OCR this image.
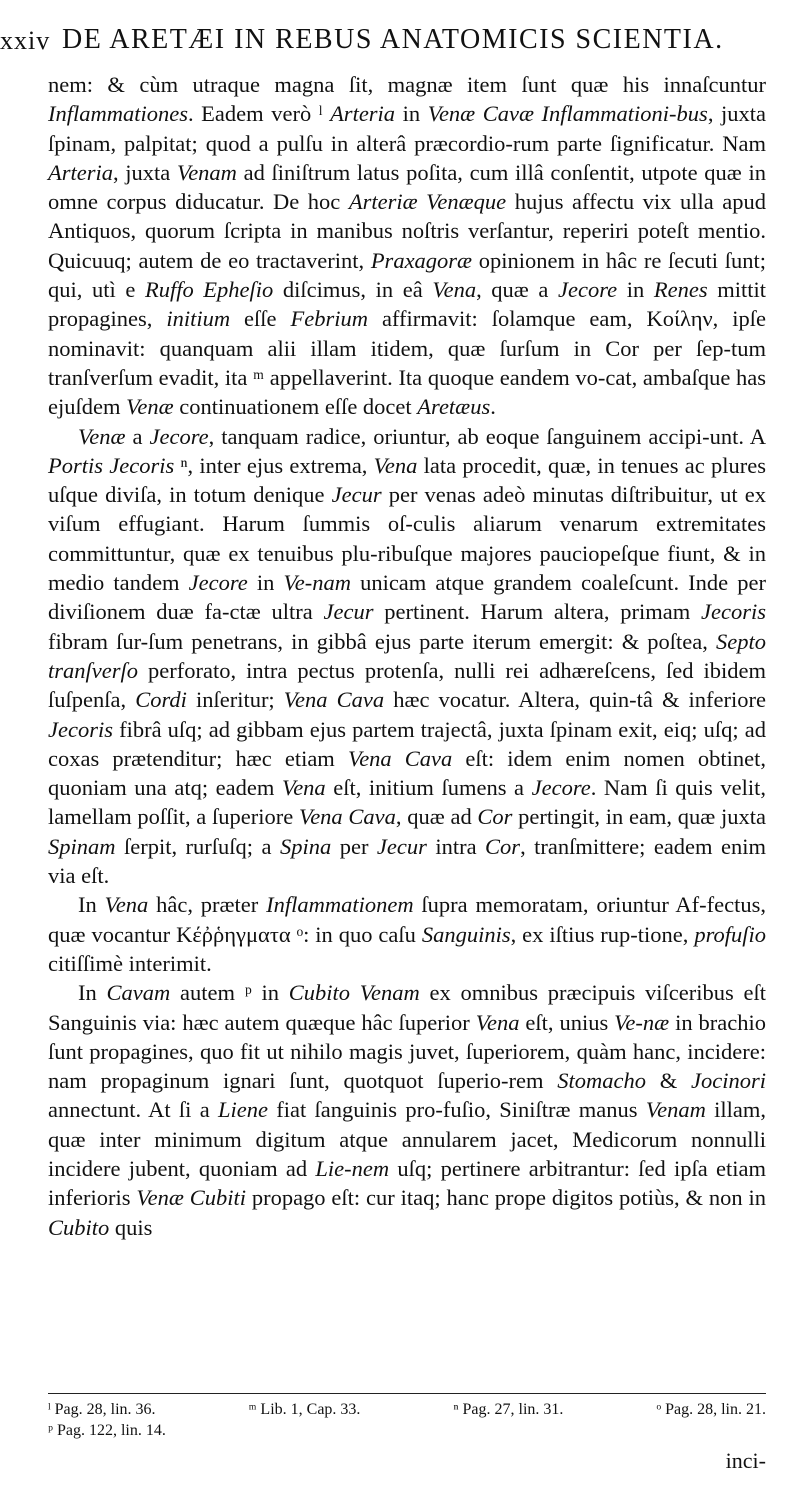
xxiv DE ARETÆI IN REBUS ANATOMICIS SCIENTIA.

nem: & cùm utraque magna ſit, magnæ item ſunt quæ his innaſcuntur Inflammationes. Eadem verò ˡ Arteria in Venæ Cavæ Inflammationi-bus, juxta ſpinam, palpitat; quod a pulſu in alterâ præcordio-rum parte ſignificatur. Nam Arteria, juxta Venam ad ſiniſtrum latus poſita, cum illâ conſentit, utpote quæ in omne corpus diducatur. De hoc Arteriæ Venæque hujus affectu vix ulla apud Antiquos, quorum ſcripta in manibus noſtris verſantur, reperiri poteſt mentio. Quicuuq; autem de eo tractaverint, Praxagoræ opinionem in hâc re ſecuti ſunt; qui, utì e Ruffo Epheſio diſcimus, in eâ Vena, quæ a Jecore in Renes mittit propagines, initium eſſe Febrium affirmavit: ſolamque eam, Κοίλην, ipſe nominavit: quanquam alii illam itidem, quæ ſurſum in Cor per ſep-tum tranſverſum evadit, ita ᵐ appellaverint. Ita quoque eandem vo-cat, ambaſque has ejuſdem Venæ continuationem eſſe docet Aretæus.

Venæ a Jecore, tanquam radice, oriuntur, ab eoque ſanguinem accipi-unt. A Portis Jecoris ⁿ, inter ejus extrema, Vena lata procedit, quæ, in tenues ac plures uſque diviſa, in totum denique Jecur per venas adeò minutas diſtribuitur, ut ex viſum effugiant. Harum ſummis oſ-culis aliarum venarum extremitates committuntur, quæ ex tenuibus plu-ribuſque majores pauciореſque fiunt, & in medio tandem Jecore in Ve-nam unicam atque grandem coaleſcunt. Inde per diviſionem duæ fa-ctæ ultra Jecur pertinent. Harum altera, primam Jecoris fibram ſur-ſum penetrans, in gibbâ ejus parte iterum emergit: & poſtea, Septo tranſverſo perforato, intra pectus protenſa, nulli rei adhæreſcens, ſed ibidem ſuſpenſa, Cordi inſeritur; Vena Cava hæc vocatur. Altera, quin-tâ & inferiore Jecoris fibrâ uſq; ad gibbam ejus partem trajectâ, juxta ſpinam exit, eiq; uſq; ad coxas prætenditur; hæc etiam Vena Cava eſt: idem enim nomen obtinet, quoniam una atq; eadem Vena eſt, initium ſumens a Jecore. Nam ſi quis velit, lamellam poſſit, a ſuperiore Vena Cava, quæ ad Cor pertingit, in eam, quæ juxta Spinam ſerpit, rurſuſq; a Spina per Jecur intra Cor, tranſmittere; eadem enim via eſt.

In Vena hâc, præter Inflammationem ſupra memoratam, oriuntur Af-fectus, quæ vocantur Κέῤῥηγματα ᵒ: in quo caſu Sanguinis, ex iſtius rup-tione, profuſio citiſſimè interimit.

In Cavam autem ᵖ in Cubito Venam ex omnibus præcipuis viſceribus eſt Sanguinis via: hæc autem quæque hâc ſuperior Vena eſt, unius Ve-næ in brachio ſunt propagines, quo fit ut nihilo magis juvet, ſuperiorem, quàm hanc, incidere: nam propaginum ignari ſunt, quotquot ſuperio-rem Stomacho & Jocinori annectunt. At ſi a Liene fiat ſanguinis pro-fuſio, Siniſtræ manus Venam illam, quæ inter minimum digitum atque annularem jacet, Medicorum nonnulli incidere jubent, quoniam ad Lie-nem uſq; pertinere arbitrantur: ſed ipſa etiam inferioris Venæ Cubiti propago eſt: cur itaq; hanc prope digitos potiùs, & non in Cubito quis

ˡ Pag. 28, lin. 36.	ᵐ Lib. 1, Cap. 33.	ⁿ Pag. 27, lin. 31.	ᵒ Pag. 28, lin. 21.
ᵖ Pag. 122, lin. 14.
inci-
